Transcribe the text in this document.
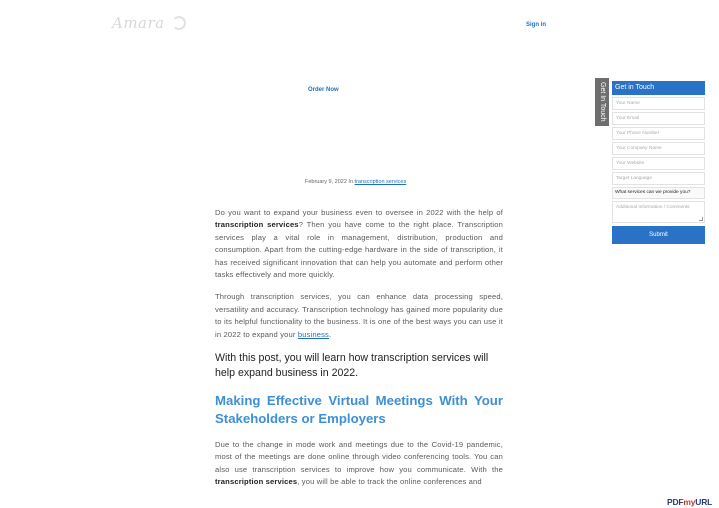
Amara	Sign in
Order Now
February 9, 2022 In transcription services

Do you want to expand your business even to oversee in 2022 with the help of transcription services? Then you have come to the right place. Transcription services play a vital role in management, distribution, production and consumption. Apart from the cutting-edge hardware in the side of transcription, it has received significant innovation that can help you automate and perform other tasks effectively and more quickly.

Through transcription services, you can enhance data processing speed, versatility and accuracy. Transcription technology has gained more popularity due to its helpful functionality to the business. It is one of the best ways you can use it in 2022 to expand your business.

With this post, you will learn how transcription services will help expand business in 2022.

Making Effective Virtual Meetings With Your Stakeholders or Employers

Due to the change in mode work and meetings due to the Covid-19 pandemic, most of the meetings are done online through video conferencing tools. You can also use transcription services to improve how you communicate. With the transcription services, you will be able to track the online conferences and

Get In Touch	Get in Touch
Your Name
Your Email
Your Phone Number
Your Company Name
Your Website
Target Language
What services can we provide you?
Additional Information / Comments
Submit
PDFmyURL
